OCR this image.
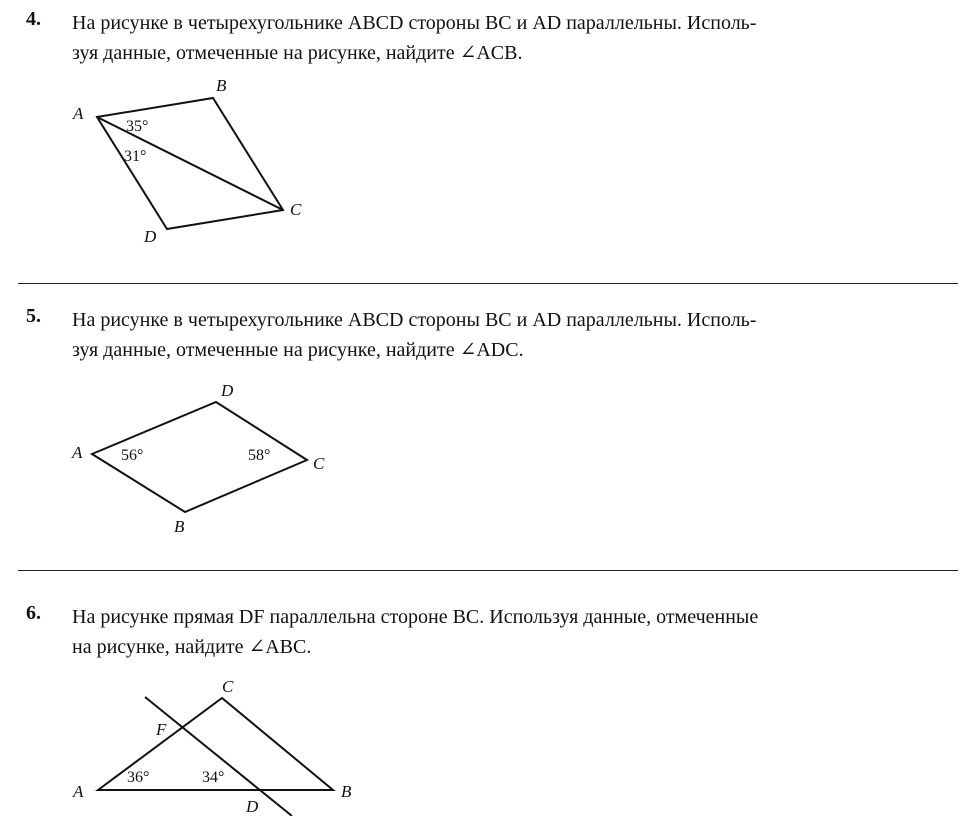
4. На рисунке в четырехугольнике ABCD стороны BC и AD параллельны. Исполь-

зуя данные, отмеченные на рисунке, найдите ∠ACB.

A
B
C
D
35°
31°
5. На рисунке в четырехугольнике ABCD стороны BC и AD параллельны. Исполь-

зуя данные, отмеченные на рисунке, найдите ∠ADC.

A
B
C
D
56°	58°
6. На рисунке прямая DF параллельна стороне BC. Используя данные, отмеченные

на рисунке, найдите ∠ABC.

A	B
C
D
F
36°	34°
